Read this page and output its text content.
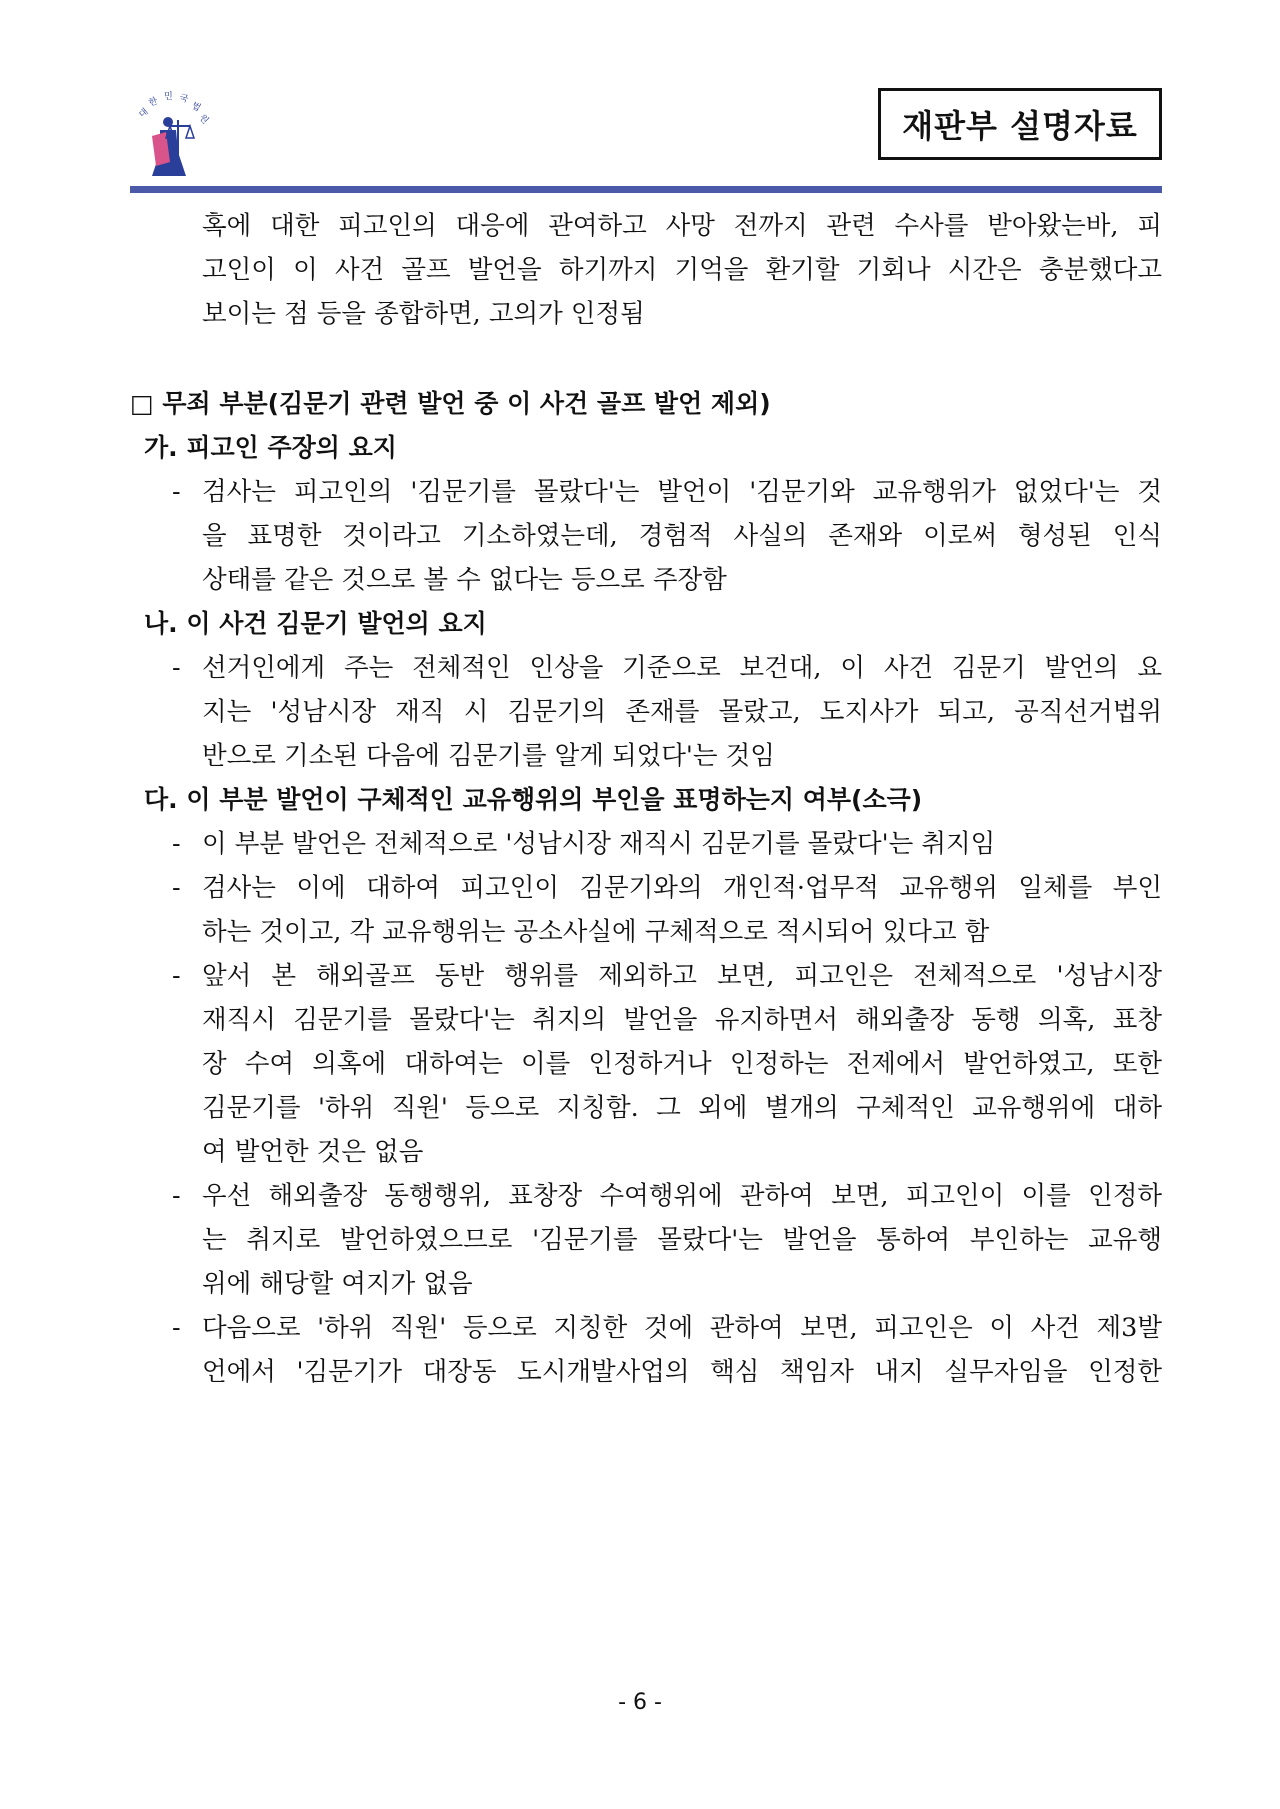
대
한 민 국
법
원	재판부 설명자료
혹에 대한 피고인의 대응에 관여하고 사망 전까지 관련 수사를 받아왔는바, 피
고인이 이 사건 골프 발언을 하기까지 기억을 환기할 기회나 시간은 충분했다고
보이는 점 등을 종합하면, 고의가 인정됨
□ 무죄 부분(김문기 관련 발언 중 이 사건 골프 발언 제외)
가. 피고인 주장의 요지
- 검사는 피고인의 '김문기를 몰랐다'는 발언이 '김문기와 교유행위가 없었다'는 것
을 표명한 것이라고 기소하였는데, 경험적 사실의 존재와 이로써 형성된 인식
상태를 같은 것으로 볼 수 없다는 등으로 주장함
나. 이 사건 김문기 발언의 요지
- 선거인에게 주는 전체적인 인상을 기준으로 보건대, 이 사건 김문기 발언의 요
지는 '성남시장 재직 시 김문기의 존재를 몰랐고, 도지사가 되고, 공직선거법위
반으로 기소된 다음에 김문기를 알게 되었다'는 것임
다. 이 부분 발언이 구체적인 교유행위의 부인을 표명하는지 여부(소극)
- 이 부분 발언은 전체적으로 '성남시장 재직시 김문기를 몰랐다'는 취지임
- 검사는 이에 대하여 피고인이 김문기와의 개인적·업무적 교유행위 일체를 부인
하는 것이고, 각 교유행위는 공소사실에 구체적으로 적시되어 있다고 함
- 앞서 본 해외골프 동반 행위를 제외하고 보면, 피고인은 전체적으로 '성남시장
재직시 김문기를 몰랐다'는 취지의 발언을 유지하면서 해외출장 동행 의혹, 표창
장 수여 의혹에 대하여는 이를 인정하거나 인정하는 전제에서 발언하였고, 또한
김문기를 '하위 직원' 등으로 지칭함. 그 외에 별개의 구체적인 교유행위에 대하
여 발언한 것은 없음
- 우선 해외출장 동행행위, 표창장 수여행위에 관하여 보면, 피고인이 이를 인정하
는 취지로 발언하였으므로 '김문기를 몰랐다'는 발언을 통하여 부인하는 교유행
위에 해당할 여지가 없음
- 다음으로 '하위 직원' 등으로 지칭한 것에 관하여 보면, 피고인은 이 사건 제3발
언에서 '김문기가 대장동 도시개발사업의 핵심 책임자 내지 실무자임을 인정한
- 6 -
